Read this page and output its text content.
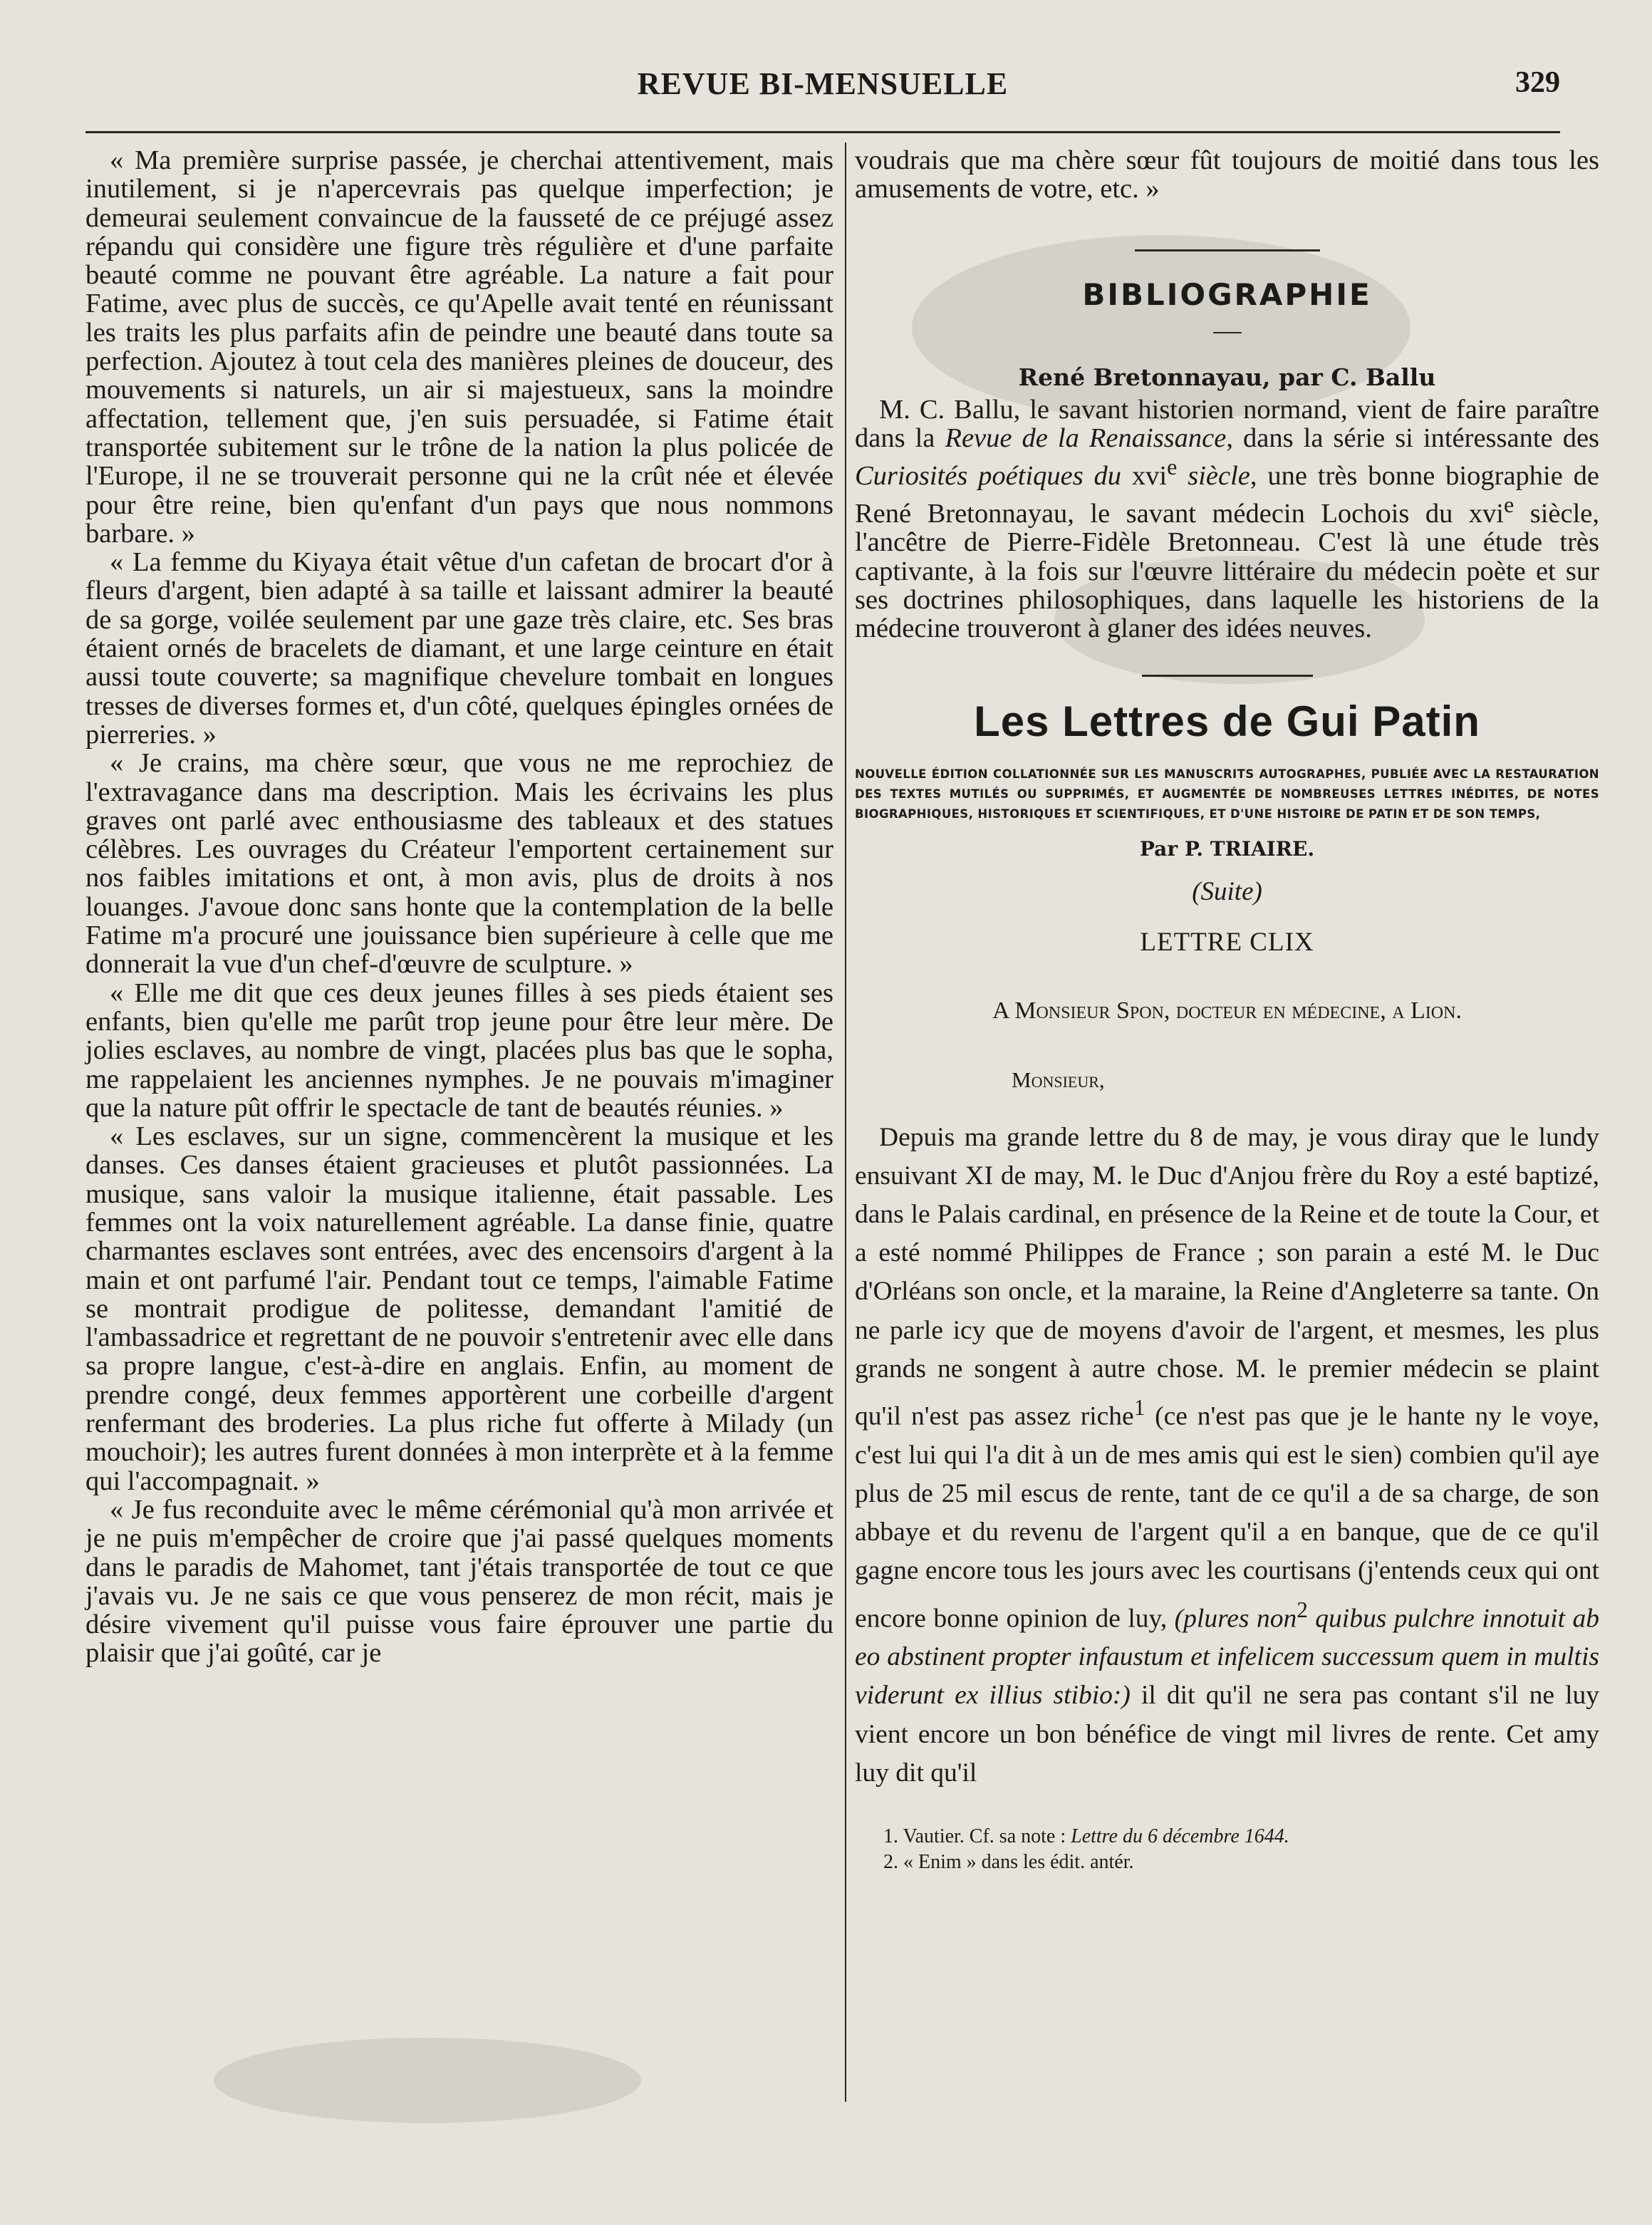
REVUE BI-MENSUELLE	329

« Ma première surprise passée, je cherchai attentivement, mais inutilement, si je n'apercevrais pas quelque imperfection; je demeurai seulement convaincue de la fausseté de ce préjugé assez répandu qui considère une figure très régulière et d'une parfaite beauté comme ne pouvant être agréable. La nature a fait pour Fatime, avec plus de succès, ce qu'Apelle avait tenté en réunissant les traits les plus parfaits afin de peindre une beauté dans toute sa perfection. Ajoutez à tout cela des manières pleines de douceur, des mouvements si naturels, un air si majestueux, sans la moindre affectation, tellement que, j'en suis persuadée, si Fatime était transportée subitement sur le trône de la nation la plus policée de l'Europe, il ne se trouverait personne qui ne la crût née et élevée pour être reine, bien qu'enfant d'un pays que nous nommons barbare. »

« La femme du Kiyaya était vêtue d'un cafetan de brocart d'or à fleurs d'argent, bien adapté à sa taille et laissant admirer la beauté de sa gorge, voilée seulement par une gaze très claire, etc. Ses bras étaient ornés de bracelets de diamant, et une large ceinture en était aussi toute couverte; sa magnifique chevelure tombait en longues tresses de diverses formes et, d'un côté, quelques épingles ornées de pierreries. »

« Je crains, ma chère sœur, que vous ne me reprochiez de l'extravagance dans ma description. Mais les écrivains les plus graves ont parlé avec enthousiasme des tableaux et des statues célèbres. Les ouvrages du Créateur l'emportent certainement sur nos faibles imitations et ont, à mon avis, plus de droits à nos louanges. J'avoue donc sans honte que la contemplation de la belle Fatime m'a procuré une jouissance bien supérieure à celle que me donnerait la vue d'un chef-d'œuvre de sculpture. »

« Elle me dit que ces deux jeunes filles à ses pieds étaient ses enfants, bien qu'elle me parût trop jeune pour être leur mère. De jolies esclaves, au nombre de vingt, placées plus bas que le sopha, me rappelaient les anciennes nymphes. Je ne pouvais m'imaginer que la nature pût offrir le spectacle de tant de beautés réunies. »

« Les esclaves, sur un signe, commencèrent la musique et les danses. Ces danses étaient gracieuses et plutôt passionnées. La musique, sans valoir la musique italienne, était passable. Les femmes ont la voix naturellement agréable. La danse finie, quatre charmantes esclaves sont entrées, avec des encensoirs d'argent à la main et ont parfumé l'air. Pendant tout ce temps, l'aimable Fatime se montrait prodigue de politesse, demandant l'amitié de l'ambassadrice et regrettant de ne pouvoir s'entretenir avec elle dans sa propre langue, c'est-à-dire en anglais. Enfin, au moment de prendre congé, deux femmes apportèrent une corbeille d'argent renfermant des broderies. La plus riche fut offerte à Milady (un mouchoir); les autres furent données à mon interprète et à la femme qui l'accompagnait. »

« Je fus reconduite avec le même cérémonial qu'à mon arrivée et je ne puis m'empêcher de croire que j'ai passé quelques moments dans le paradis de Mahomet, tant j'étais transportée de tout ce que j'avais vu. Je ne sais ce que vous penserez de mon récit, mais je désire vivement qu'il puisse vous faire éprouver une partie du plaisir que j'ai goûté, car je

voudrais que ma chère sœur fût toujours de moitié dans tous les amusements de votre, etc. »

BIBLIOGRAPHIE
René Bretonnayau, par C. Ballu

M. C. Ballu, le savant historien normand, vient de faire paraître dans la Revue de la Renaissance, dans la série si intéressante des Curiosités poétiques du xvi$^e$ siècle, une très bonne biographie de René Bretonnayau, le savant médecin Lochois du xvi$^e$ siècle, l'ancêtre de Pierre-Fidèle Bretonneau. C'est là une étude très captivante, à la fois sur l'œuvre littéraire du médecin poète et sur ses doctrines philosophiques, dans laquelle les historiens de la médecine trouveront à glaner des idées neuves.

Les Lettres de Gui Patin

NOUVELLE ÉDITION COLLATIONNÉE SUR LES MANUSCRITS AUTOGRAPHES, PUBLIÉE AVEC LA RESTAURATION DES TEXTES MUTILÉS OU SUPPRIMÉS, ET AUGMENTÉE DE NOMBREUSES LETTRES INÉDITES, DE NOTES BIOGRAPHIQUES, HISTORIQUES ET SCIENTIFIQUES, ET D'UNE HISTOIRE DE PATIN ET DE SON TEMPS,

Par P. TRIAIRE.

(Suite)

LETTRE CLIX

A Monsieur Spon, docteur en médecine, a Lion.

Monsieur,

Depuis ma grande lettre du 8 de may, je vous diray que le lundy ensuivant XI de may, M. le Duc d'Anjou frère du Roy a esté baptizé, dans le Palais cardinal, en présence de la Reine et de toute la Cour, et a esté nommé Philippes de France ; son parain a esté M. le Duc d'Orléans son oncle, et la maraine, la Reine d'Angleterre sa tante. On ne parle icy que de moyens d'avoir de l'argent, et mesmes, les plus grands ne songent à autre chose. M. le premier médecin se plaint qu'il n'est pas assez riche$^1$ (ce n'est pas que je le hante ny le voye, c'est lui qui l'a dit à un de mes amis qui est le sien) combien qu'il aye plus de 25 mil escus de rente, tant de ce qu'il a de sa charge, de son abbaye et du revenu de l'argent qu'il a en banque, que de ce qu'il gagne encore tous les jours avec les courtisans (j'entends ceux qui ont encore bonne opinion de luy, (plures non$^2$ quibus pulchre innotuit ab eo abstinent propter infaustum et infelicem successum quem in multis viderunt ex illius stibio:) il dit qu'il ne sera pas contant s'il ne luy vient encore un bon bénéfice de vingt mil livres de rente. Cet amy luy dit qu'il

1. Vautier. Cf. sa note : Lettre du 6 décembre 1644.

2. « Enim » dans les édit. antér.
